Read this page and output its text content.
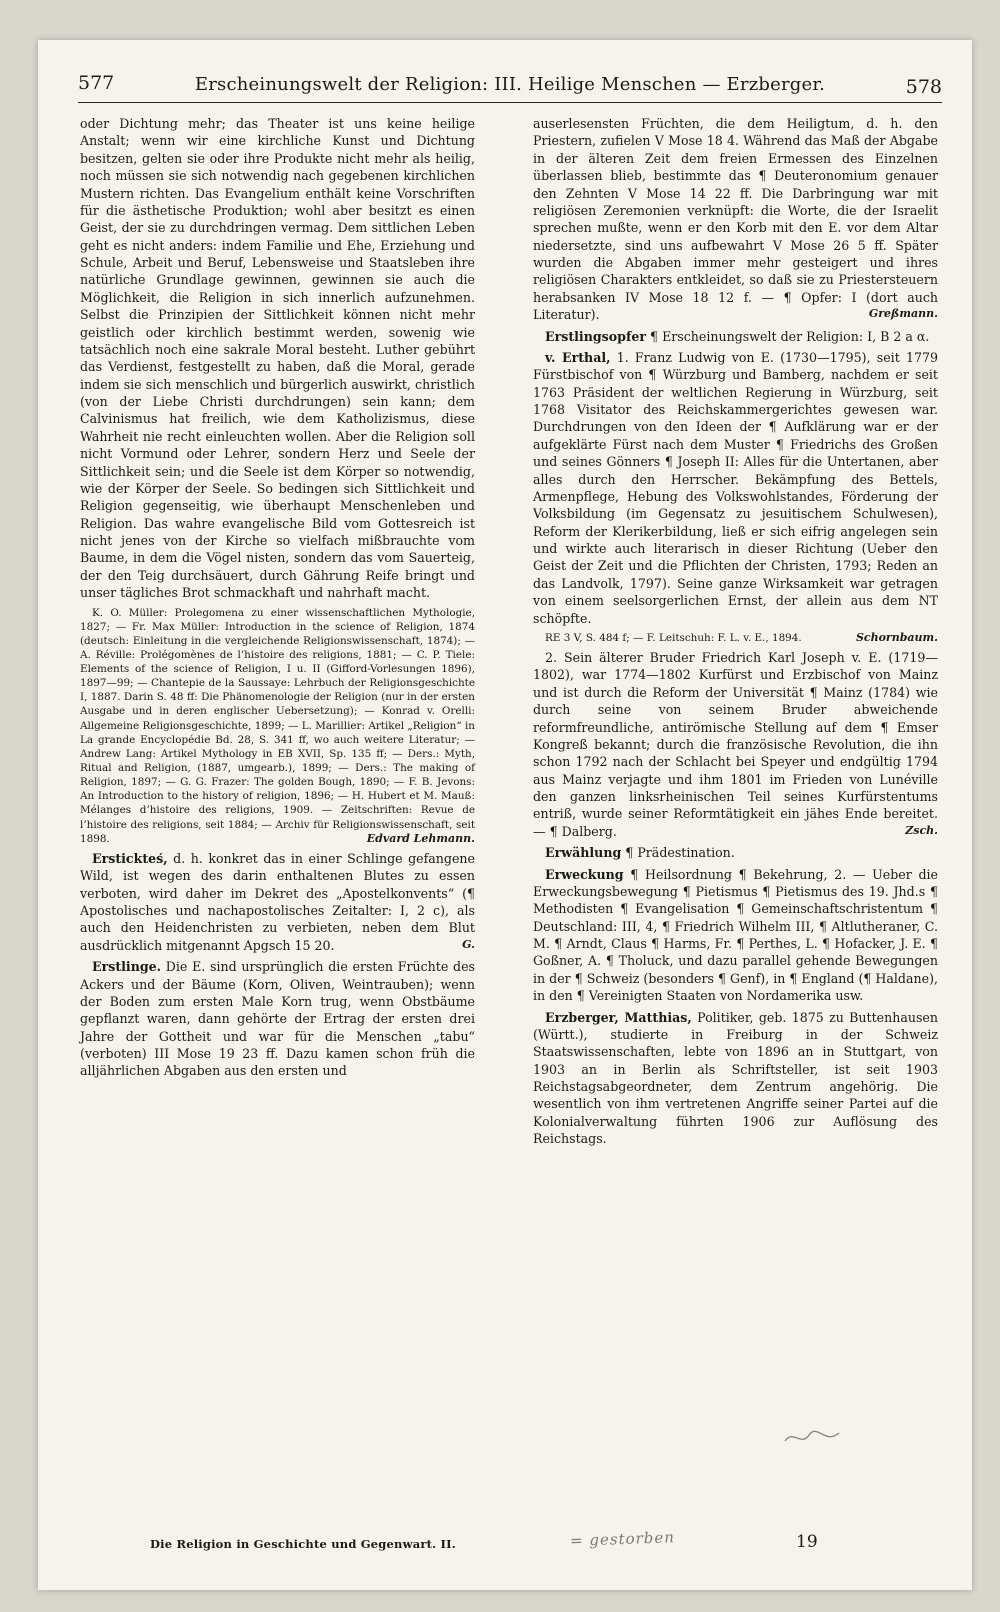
577	Erscheinungswelt der Religion: III. Heilige Menschen — Erzberger.	578

oder Dichtung mehr; das Theater ist uns keine heilige Anstalt; wenn wir eine kirchliche Kunst und Dichtung besitzen, gelten sie oder ihre Produkte nicht mehr als heilig, noch müssen sie sich notwendig nach gegebenen kirchlichen Mustern richten. Das Evangelium enthält keine Vorschriften für die ästhetische Produktion; wohl aber besitzt es einen Geist, der sie zu durchdringen vermag. Dem sittlichen Leben geht es nicht anders: indem Familie und Ehe, Erziehung und Schule, Arbeit und Beruf, Lebensweise und Staatsleben ihre natürliche Grundlage gewinnen, gewinnen sie auch die Möglichkeit, die Religion in sich innerlich aufzunehmen. Selbst die Prinzipien der Sittlichkeit können nicht mehr geistlich oder kirchlich bestimmt werden, sowenig wie tatsächlich noch eine sakrale Moral besteht. Luther gebührt das Verdienst, festgestellt zu haben, daß die Moral, gerade indem sie sich menschlich und bürgerlich auswirkt, christlich (von der Liebe Christi durchdrungen) sein kann; dem Calvinismus hat freilich, wie dem Katholizismus, diese Wahrheit nie recht einleuchten wollen. Aber die Religion soll nicht Vormund oder Lehrer, sondern Herz und Seele der Sittlichkeit sein; und die Seele ist dem Körper so notwendig, wie der Körper der Seele. So bedingen sich Sittlichkeit und Religion gegenseitig, wie überhaupt Menschenleben und Religion. Das wahre evangelische Bild vom Gottesreich ist nicht jenes von der Kirche so vielfach mißbrauchte vom Baume, in dem die Vögel nisten, sondern das vom Sauerteig, der den Teig durchsäuert, durch Gährung Reife bringt und unser tägliches Brot schmackhaft und nahrhaft macht.

K. O. Müller: Prolegomena zu einer wissenschaftlichen Mythologie, 1827; — Fr. Max Müller: Introduction in the science of Religion, 1874 (deutsch: Einleitung in die vergleichende Religionswissenschaft, 1874); — A. Réville: Prolégomènes de l’histoire des religions, 1881; — C. P. Tiele: Elements of the science of Religion, I u. II (Gifford-Vorlesungen 1896), 1897—99; — Chantepie de la Saussaye: Lehrbuch der Religionsgeschichte I, 1887. Darin S. 48 ff: Die Phänomenologie der Religion (nur in der ersten Ausgabe und in deren englischer Uebersetzung); — Konrad v. Orelli: Allgemeine Religionsgeschichte, 1899; — L. Marillier: Artikel „Religion“ in La grande Encyclopédie Bd. 28, S. 341 ff, wo auch weitere Literatur; — Andrew Lang: Artikel Mythology in EB XVII, Sp. 135 ff; — Ders.: Myth, Ritual and Religion, (1887, umgearb.), 1899; — Ders.: The making of Religion, 1897; — G. G. Frazer: The golden Bough, 1890; — F. B. Jevons: An Introduction to the history of religion, 1896; — H. Hubert et M. Mauß: Mélanges d’histoire des religions, 1909. — Zeitschriften: Revue de l’histoire des religions, seit 1884; — Archiv für Religionswissenschaft, seit 1898.	Edvard Lehmann.

Erstickteś, d. h. konkret das in einer Schlinge gefangene Wild, ist wegen des darin enthaltenen Blutes zu essen verboten, wird daher im Dekret des „Apostelkonvents“ (¶ Apostolisches und nachapostolisches Zeitalter: I, 2 c), als auch den Heidenchristen zu verbieten, neben dem Blut ausdrücklich mitgenannt Apgsch 15 20.	G.

Erstlinge. Die E. sind ursprünglich die ersten Früchte des Ackers und der Bäume (Korn, Oliven, Weintrauben); wenn der Boden zum ersten Male Korn trug, wenn Obstbäume gepflanzt waren, dann gehörte der Ertrag der ersten drei Jahre der Gottheit und war für die Menschen „tabu“ (verboten) III Mose 19 23 ff. Dazu kamen schon früh die alljährlichen Abgaben aus den ersten und

auserlesensten Früchten, die dem Heiligtum, d. h. den Priestern, zufielen V Mose 18 4. Während das Maß der Abgabe in der älteren Zeit dem freien Ermessen des Einzelnen überlassen blieb, bestimmte das ¶ Deuteronomium genauer den Zehnten V Mose 14 22 ff. Die Darbringung war mit religiösen Zeremonien verknüpft: die Worte, die der Israelit sprechen mußte, wenn er den Korb mit den E. vor dem Altar niedersetzte, sind uns aufbewahrt V Mose 26 5 ff. Später wurden die Abgaben immer mehr gesteigert und ihres religiösen Charakters entkleidet, so daß sie zu Priestersteuern herabsanken IV Mose 18 12 f. — ¶ Opfer: I (dort auch Literatur).	Greßmann.

Erstlingsopfer ¶ Erscheinungswelt der Religion: I, B 2 a α.

v. Erthal, 1. Franz Ludwig von E. (1730—1795), seit 1779 Fürstbischof von ¶ Würzburg und Bamberg, nachdem er seit 1763 Präsident der weltlichen Regierung in Würzburg, seit 1768 Visitator des Reichskammergerichtes gewesen war. Durchdrungen von den Ideen der ¶ Aufklärung war er der aufgeklärte Fürst nach dem Muster ¶ Friedrichs des Großen und seines Gönners ¶ Joseph II: Alles für die Untertanen, aber alles durch den Herrscher. Bekämpfung des Bettels, Armenpflege, Hebung des Volkswohlstandes, Förderung der Volksbildung (im Gegensatz zu jesuitischem Schulwesen), Reform der Klerikerbildung, ließ er sich eifrig angelegen sein und wirkte auch literarisch in dieser Richtung (Ueber den Geist der Zeit und die Pflichten der Christen, 1793; Reden an das Landvolk, 1797). Seine ganze Wirksamkeit war getragen von einem seelsorgerlichen Ernst, der allein aus dem NT schöpfte.

RE 3 V, S. 484 f; — F. Leitschuh: F. L. v. E., 1894.	Schornbaum.

2. Sein älterer Bruder Friedrich Karl Joseph v. E. (1719—1802), war 1774—1802 Kurfürst und Erzbischof von Mainz und ist durch die Reform der Universität ¶ Mainz (1784) wie durch seine von seinem Bruder abweichende reformfreundliche, antirömische Stellung auf dem ¶ Emser Kongreß bekannt; durch die französische Revolution, die ihn schon 1792 nach der Schlacht bei Speyer und endgültig 1794 aus Mainz verjagte und ihm 1801 im Frieden von Lunéville den ganzen linksrheinischen Teil seines Kurfürstentums entriß, wurde seiner Reformtätigkeit ein jähes Ende bereitet. — ¶ Dalberg.	Zsch.

Erwählung ¶ Prädestination.

Erweckung ¶ Heilsordnung ¶ Bekehrung, 2. — Ueber die Erweckungsbewegung ¶ Pietismus ¶ Pietismus des 19. Jhd.s ¶ Methodisten ¶ Evangelisation ¶ Gemeinschaftschristentum ¶ Deutschland: III, 4, ¶ Friedrich Wilhelm III, ¶ Altlutheraner, C. M. ¶ Arndt, Claus ¶ Harms, Fr. ¶ Perthes, L. ¶ Hofacker, J. E. ¶ Goßner, A. ¶ Tholuck, und dazu parallel gehende Bewegungen in der ¶ Schweiz (besonders ¶ Genf), in ¶ England (¶ Haldane), in den ¶ Vereinigten Staaten von Nordamerika usw.

Erzberger, Matthias, Politiker, geb. 1875 zu Buttenhausen (Württ.), studierte in Freiburg in der Schweiz Staatswissenschaften, lebte von 1896 an in Stuttgart, von 1903 an in Berlin als Schriftsteller, ist seit 1903 Reichstagsabgeordneter, dem Zentrum angehörig. Die wesentlich von ihm vertretenen Angriffe seiner Partei auf die Kolonialverwaltung führten 1906 zur Auflösung des Reichstags.

Die Religion in Geschichte und Gegenwart. II.	= gestorben	19
